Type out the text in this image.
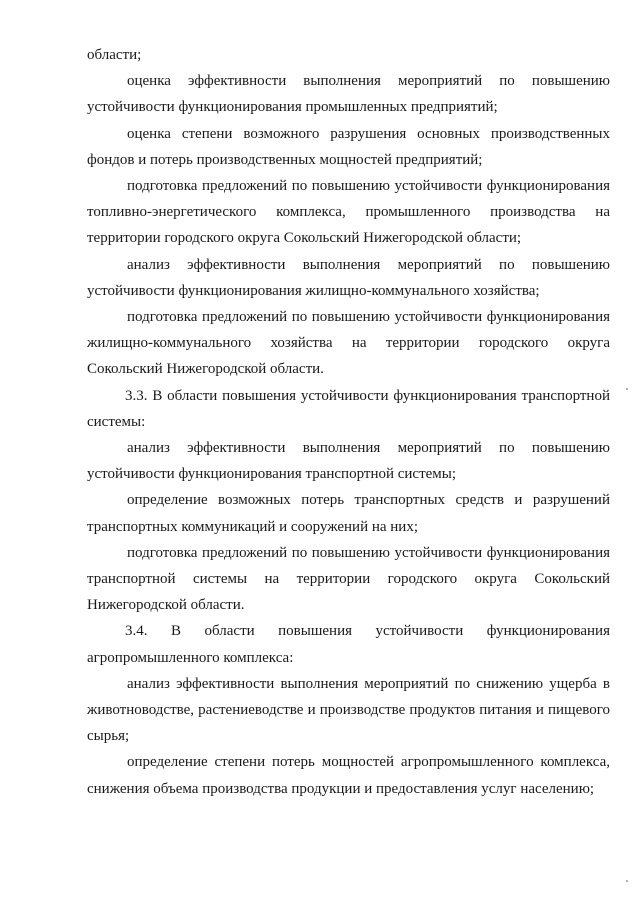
области;

оценка эффективности выполнения мероприятий по повышению устойчивости функционирования промышленных предприятий;

оценка степени возможного разрушения основных производственных фондов и потерь производственных мощностей предприятий;

подготовка предложений по повышению устойчивости функционирования топливно-энергетического комплекса, промышленного производства на территории городского округа Сокольский Нижегородской области;

анализ эффективности выполнения мероприятий по повышению устойчивости функционирования жилищно-коммунального хозяйства;

подготовка предложений по повышению устойчивости функционирования жилищно-коммунального хозяйства на территории городского округа Сокольский Нижегородской области.

3.3. В области повышения устойчивости функционирования транспортной системы:

анализ эффективности выполнения мероприятий по повышению устойчивости функционирования транспортной системы;

определение возможных потерь транспортных средств и разрушений транспортных коммуникаций и сооружений на них;

подготовка предложений по повышению устойчивости функционирования транспортной системы на территории городского округа Сокольский Нижегородской области.

3.4. В области повышения устойчивости функционирования агропромышленного комплекса:

анализ эффективности выполнения мероприятий по снижению ущерба в животноводстве, растениеводстве и производстве продуктов питания и пищевого сырья;

определение степени потерь мощностей агропромышленного комплекса, снижения объема производства продукции и предоставления услуг населению;
